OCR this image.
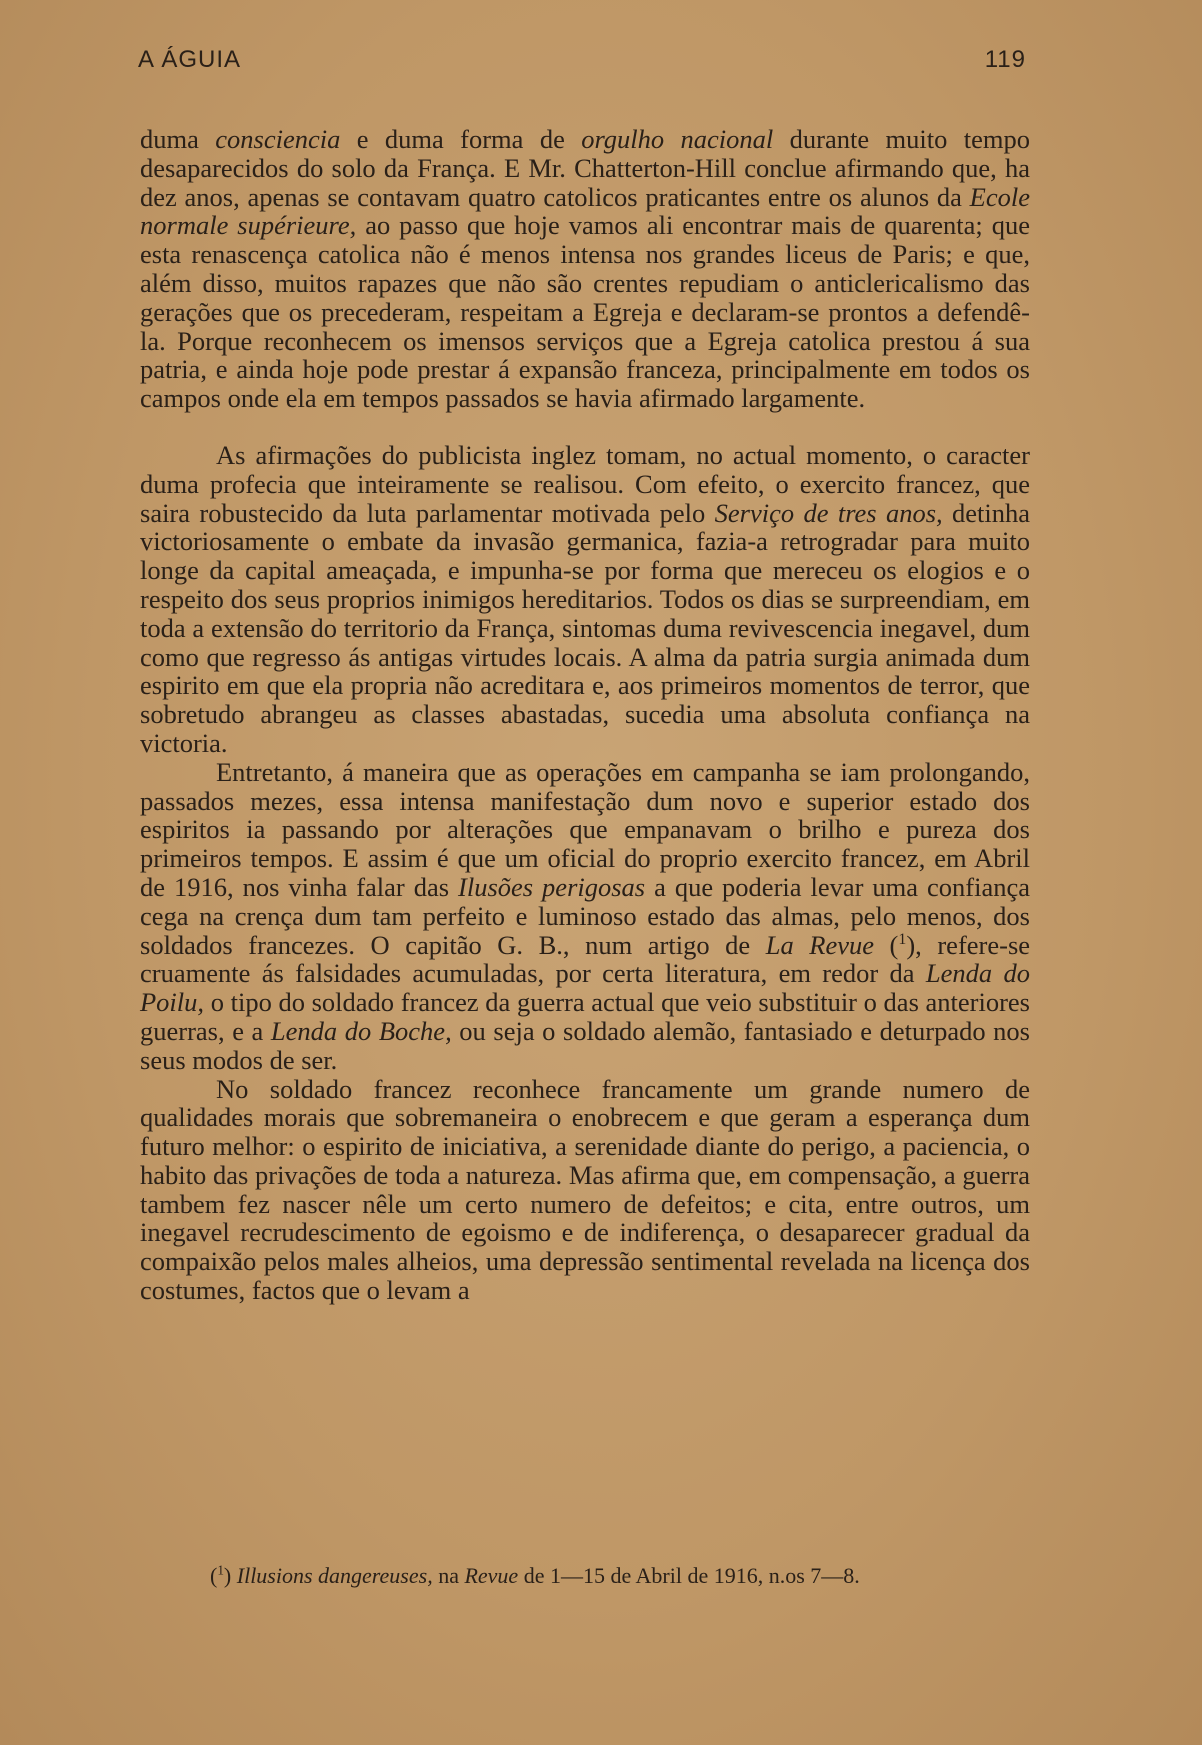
A ÁGUIA	119

duma consciencia e duma forma de orgulho nacional durante muito tempo desaparecidos do solo da França. E Mr. Chatterton-Hill conclue afirmando que, ha dez anos, apenas se contavam quatro catolicos praticantes entre os alunos da Ecole normale supérieure, ao passo que hoje vamos ali encontrar mais de quarenta; que esta renascença catolica não é menos intensa nos grandes liceus de Paris; e que, além disso, muitos rapazes que não são crentes repudiam o anticlericalismo das gerações que os precederam, respeitam a Egreja e declaram-se prontos a defendê-la. Porque reconhecem os imensos serviços que a Egreja catolica prestou á sua patria, e ainda hoje pode prestar á expansão franceza, principalmente em todos os campos onde ela em tempos passados se havia afirmado largamente.

As afirmações do publicista inglez tomam, no actual momento, o caracter duma profecia que inteiramente se realisou. Com efeito, o exercito francez, que saira robustecido da luta parlamentar motivada pelo Serviço de tres anos, detinha victoriosamente o embate da invasão germanica, fazia-a retrogradar para muito longe da capital ameaçada, e impunha-se por forma que mereceu os elogios e o respeito dos seus proprios inimigos hereditarios. Todos os dias se surpreendiam, em toda a extensão do territorio da França, sintomas duma revivescencia inegavel, dum como que regresso ás antigas virtudes locais. A alma da patria surgia animada dum espirito em que ela propria não acreditara e, aos primeiros momentos de terror, que sobretudo abrangeu as classes abastadas, sucedia uma absoluta confiança na victoria.

Entretanto, á maneira que as operações em campanha se iam prolongando, passados mezes, essa intensa manifestação dum novo e superior estado dos espiritos ia passando por alterações que empanavam o brilho e pureza dos primeiros tempos. E assim é que um oficial do proprio exercito francez, em Abril de 1916, nos vinha falar das Ilusões perigosas a que poderia levar uma confiança cega na crença dum tam perfeito e luminoso estado das almas, pelo menos, dos soldados francezes. O capitão G. B., num artigo de La Revue ($^1$), refere-se cruamente ás falsidades acumuladas, por certa literatura, em redor da Lenda do Poilu, o tipo do soldado francez da guerra actual que veio substituir o das anteriores guerras, e a Lenda do Boche, ou seja o soldado alemão, fantasiado e deturpado nos seus modos de ser.

No soldado francez reconhece francamente um grande numero de qualidades morais que sobremaneira o enobrecem e que geram a esperança dum futuro melhor: o espirito de iniciativa, a serenidade diante do perigo, a paciencia, o habito das privações de toda a natureza. Mas afirma que, em compensação, a guerra tambem fez nascer nêle um certo numero de defeitos; e cita, entre outros, um inegavel recrudescimento de egoismo e de indiferença, o desaparecer gradual da compaixão pelos males alheios, uma depressão sentimental revelada na licença dos costumes, factos que o levam a

($^1$) Illusions dangereuses, na Revue de 1—15 de Abril de 1916, n.os 7—8.
